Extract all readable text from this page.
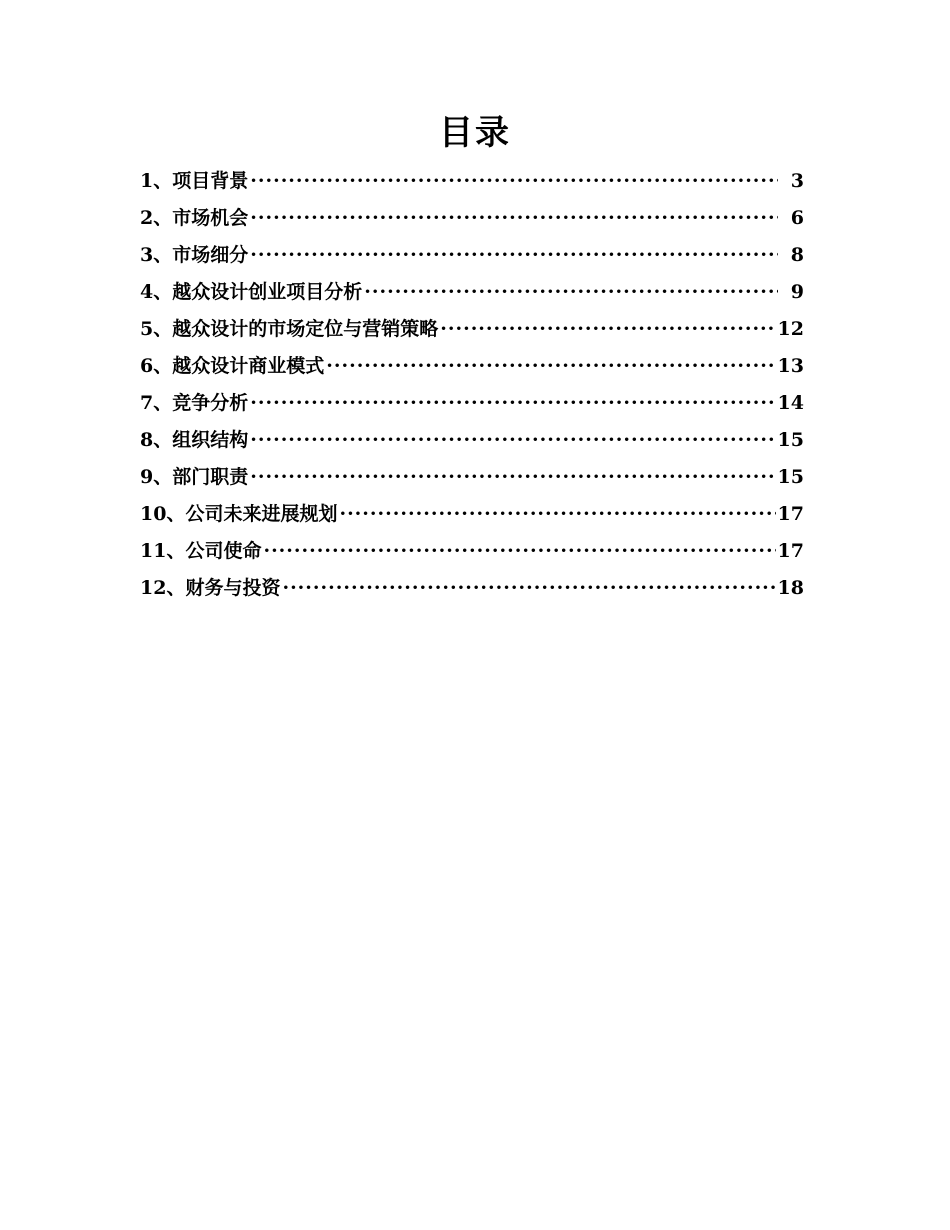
目录
1、项目背景 ·····	3
2、市场机会 ·····	6
3、市场细分 ·····	8
4、越众设计创业项目分析 ·····	9
5、越众设计的市场定位与营销策略 ·····	12
6、越众设计商业模式 ·····	13
7、竞争分析 ·····	14
8、组织结构 ·····	15
9、部门职责 ·····	15
10、公司未来进展规划 ·····	17
11、公司使命 ·····	17
12、财务与投资 ·····	18
